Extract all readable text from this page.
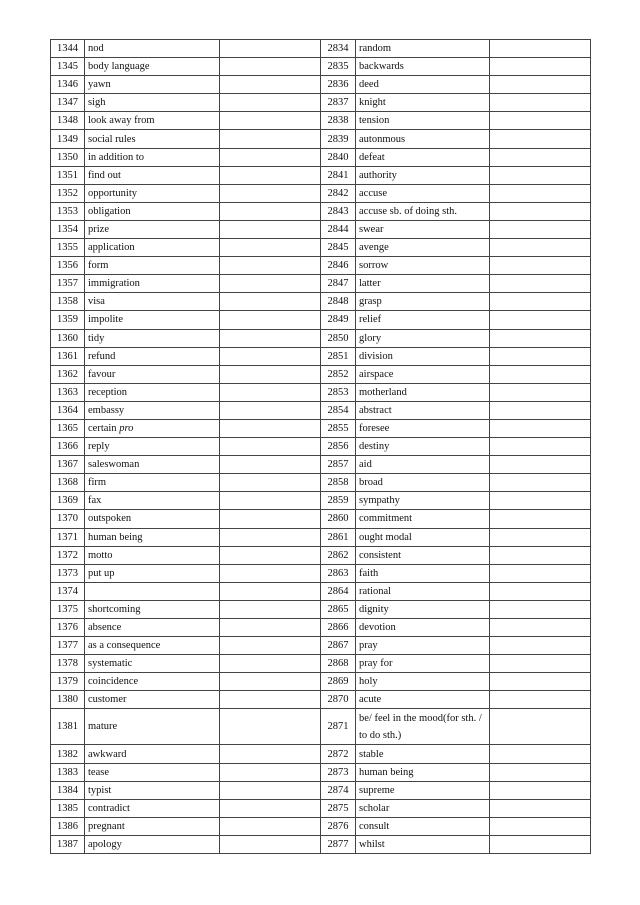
1344	nod		2834	random	
1345	body language		2835	backwards	
1346	yawn		2836	deed	
1347	sigh		2837	knight	
1348	look away from		2838	tension	
1349	social rules		2839	autonmous	
1350	in addition to		2840	defeat	
1351	find out		2841	authority	
1352	opportunity		2842	accuse	
1353	obligation		2843	accuse sb. of doing sth.	
1354	prize		2844	swear	
1355	application		2845	avenge	
1356	form		2846	sorrow	
1357	immigration		2847	latter	
1358	visa		2848	grasp	
1359	impolite		2849	relief	
1360	tidy		2850	glory	
1361	refund		2851	division	
1362	favour		2852	airspace	
1363	reception		2853	motherland	
1364	embassy		2854	abstract	
1365	certain pro		2855	foresee	
1366	reply		2856	destiny	
1367	saleswoman		2857	aid	
1368	firm		2858	broad	
1369	fax		2859	sympathy	
1370	outspoken		2860	commitment	
1371	human being		2861	ought modal	
1372	motto		2862	consistent	
1373	put up		2863	faith	
1374			2864	rational	
1375	shortcoming		2865	dignity	
1376	absence		2866	devotion	
1377	as a consequence		2867	pray	
1378	systematic		2868	pray for	
1379	coincidence		2869	holy	
1380	customer		2870	acute	
1381	mature		2871	be/ feel in the mood(for sth. / to do sth.)	
1382	awkward		2872	stable	
1383	tease		2873	human being	
1384	typist		2874	supreme	
1385	contradict		2875	scholar	
1386	pregnant		2876	consult	
1387	apology		2877	whilst	
